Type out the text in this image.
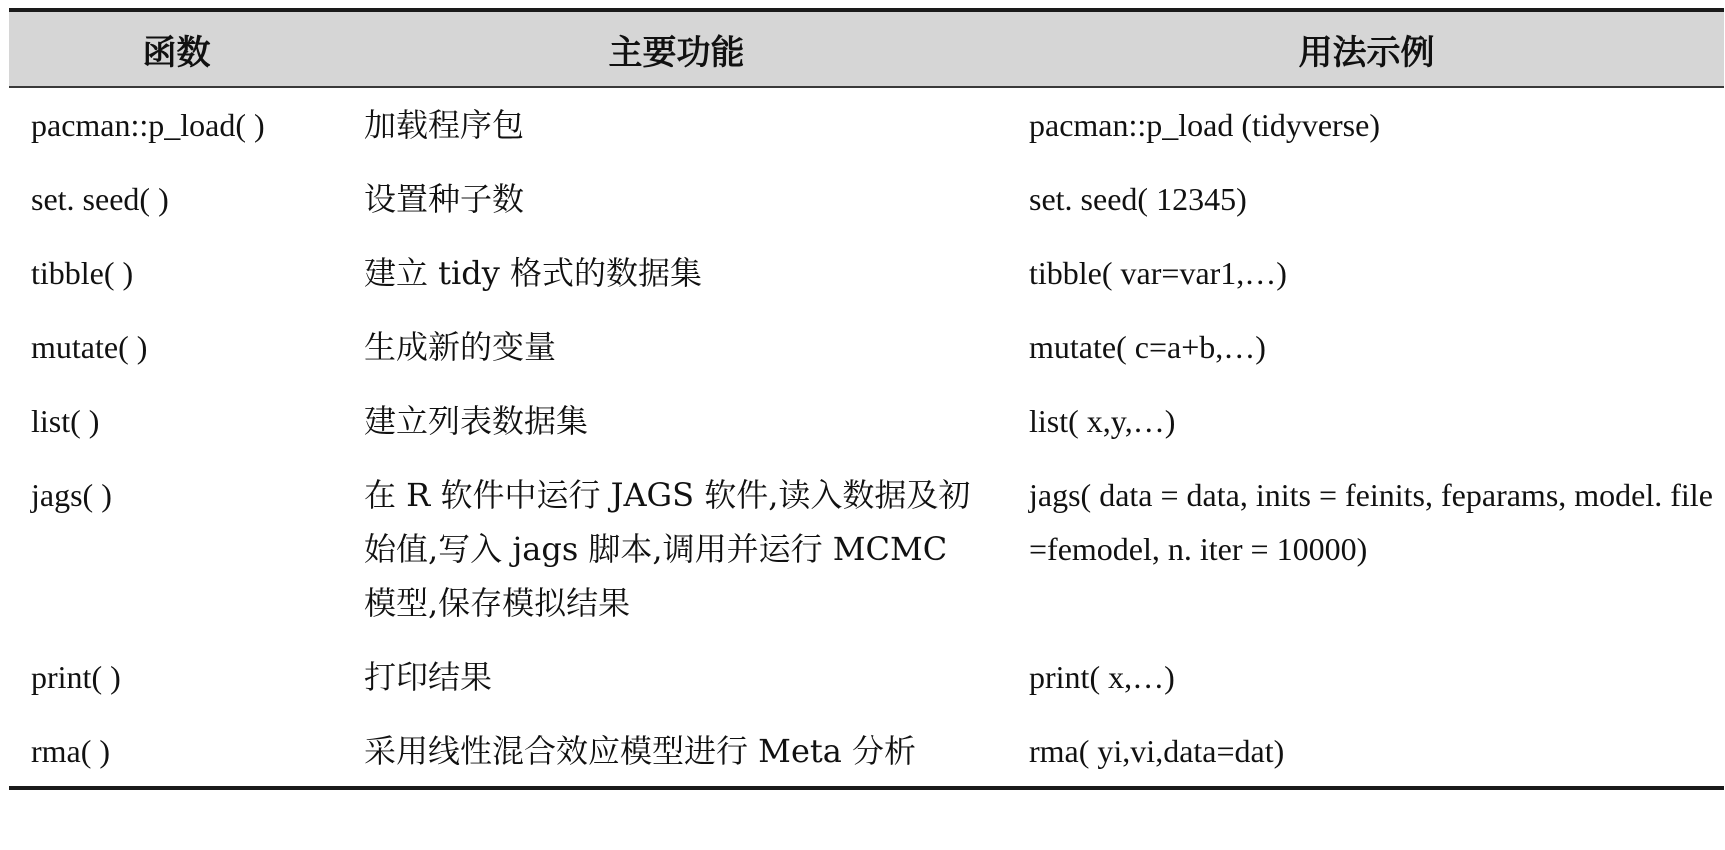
函数	主要功能	用法示例
pacman::p_load( )	加载程序包	pacman::p_load (tidyverse)
set. seed( )	设置种子数	set. seed( 12345)
tibble( )	建立 tidy 格式的数据集	tibble( var=var1,…)
mutate( )	生成新的变量	mutate( c=a+b,…)
list( )	建立列表数据集	list( x,y,…)
jags( )	在 R 软件中运行 JAGS 软件,读入数据及初始值,写入 jags 脚本,调用并运行 MCMC 模型,保存模拟结果	jags( data = data, inits = feinits, feparams, model. file =femodel, n. iter = 10000)
print( )	打印结果	print( x,…)
rma( )	采用线性混合效应模型进行 Meta 分析	rma( yi,vi,data=dat)
